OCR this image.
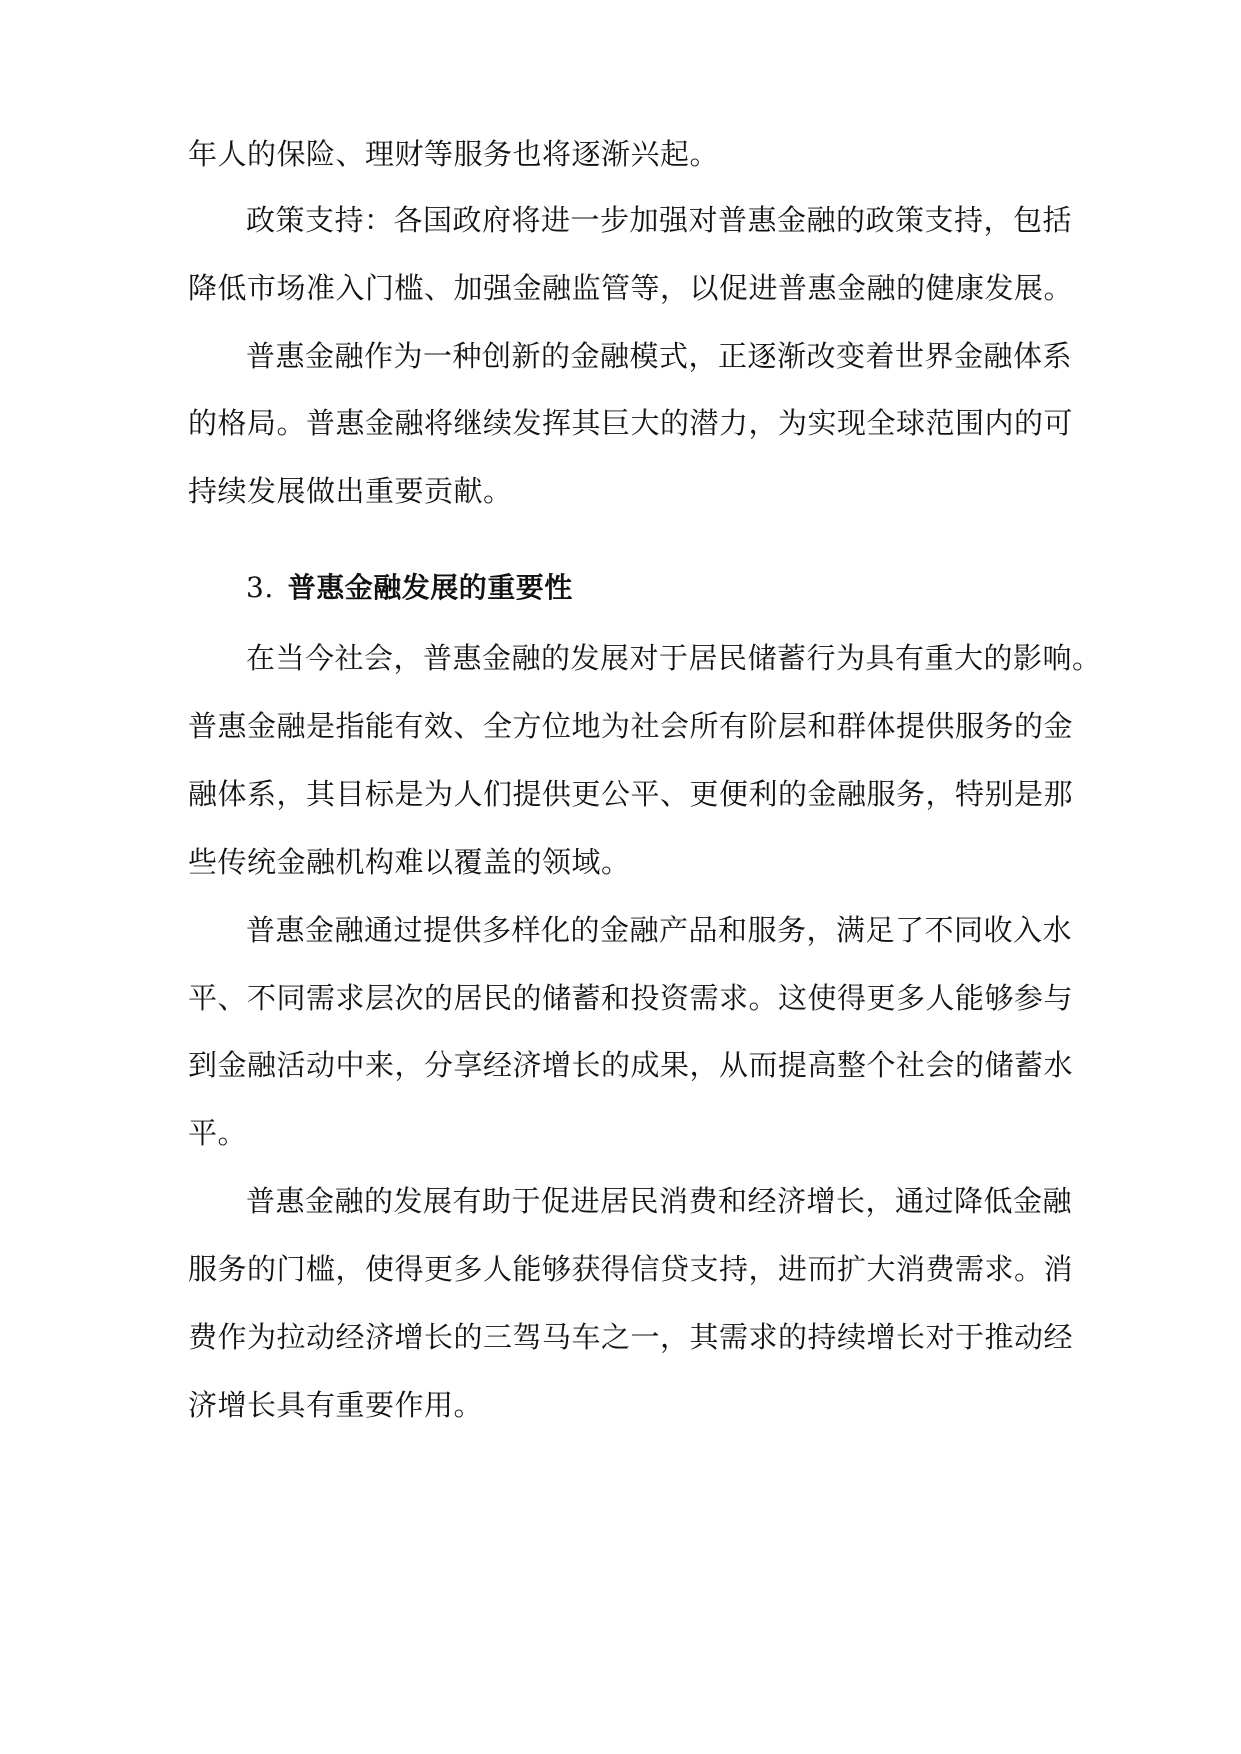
年人的保险、理财等服务也将逐渐兴起。
政策支持：各国政府将进一步加强对普惠金融的政策支持，包括
降低市场准入门槛、加强金融监管等，以促进普惠金融的健康发展。
普惠金融作为一种创新的金融模式，正逐渐改变着世界金融体系
的格局。普惠金融将继续发挥其巨大的潜力，为实现全球范围内的可
持续发展做出重要贡献。
3. 普惠金融发展的重要性
在当今社会，普惠金融的发展对于居民储蓄行为具有重大的影响。
普惠金融是指能有效、全方位地为社会所有阶层和群体提供服务的金
融体系，其目标是为人们提供更公平、更便利的金融服务，特别是那
些传统金融机构难以覆盖的领域。
普惠金融通过提供多样化的金融产品和服务，满足了不同收入水
平、不同需求层次的居民的储蓄和投资需求。这使得更多人能够参与
到金融活动中来，分享经济增长的成果，从而提高整个社会的储蓄水
平。
普惠金融的发展有助于促进居民消费和经济增长，通过降低金融
服务的门槛，使得更多人能够获得信贷支持，进而扩大消费需求。消
费作为拉动经济增长的三驾马车之一，其需求的持续增长对于推动经
济增长具有重要作用。
